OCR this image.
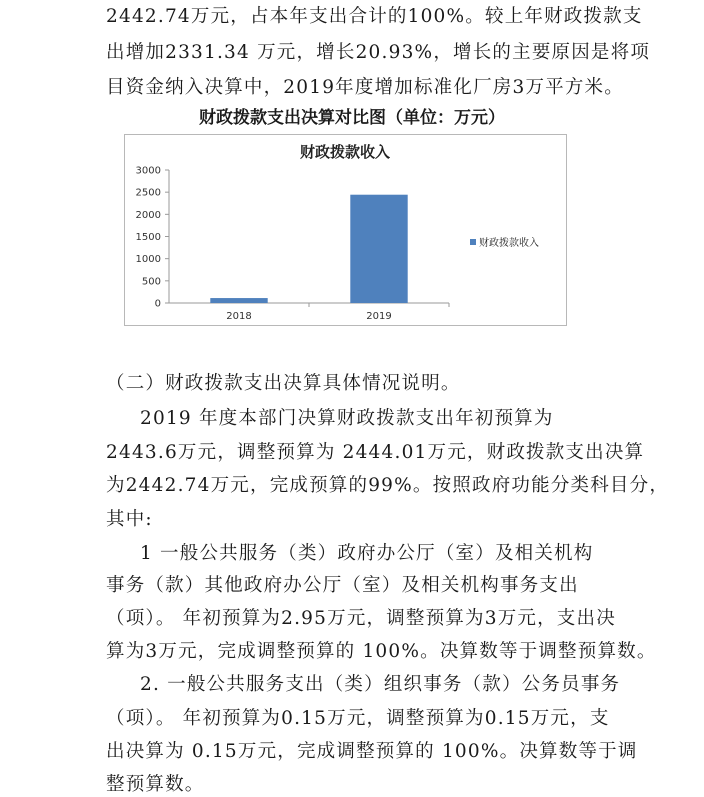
2442.74万元，占本年支出合计的100%。较上年财政拨款支
出增加2331.34 万元，增长20.93%，增长的主要原因是将项
目资金纳入决算中，2019年度增加标准化厂房3万平方米。
财政拨款支出决算对比图（单位：万元）
财政拨款收入
3000
2500
2000
1500
1000
500
0
2018	2019
财政拨款收入
（二）财政拨款支出决算具体情况说明。
2019 年度本部门决算财政拨款支出年初预算为
2443.6万元，调整预算为 2444.01万元，财政拨款支出决算
为2442.74万元，完成预算的99%。按照政府功能分类科目分，
其中:
1 一般公共服务（类）政府办公厅（室）及相关机构
事务（款）其他政府办公厅（室）及相关机构事务支出
（项）。 年初预算为2.95万元，调整预算为3万元，支出决
算为3万元，完成调整预算的 100%。决算数等于调整预算数。
2. 一般公共服务支出（类）组织事务（款）公务员事务
（项）。 年初预算为0.15万元，调整预算为0.15万元，支
出决算为 0.15万元，完成调整预算的 100%。决算数等于调
整预算数。
